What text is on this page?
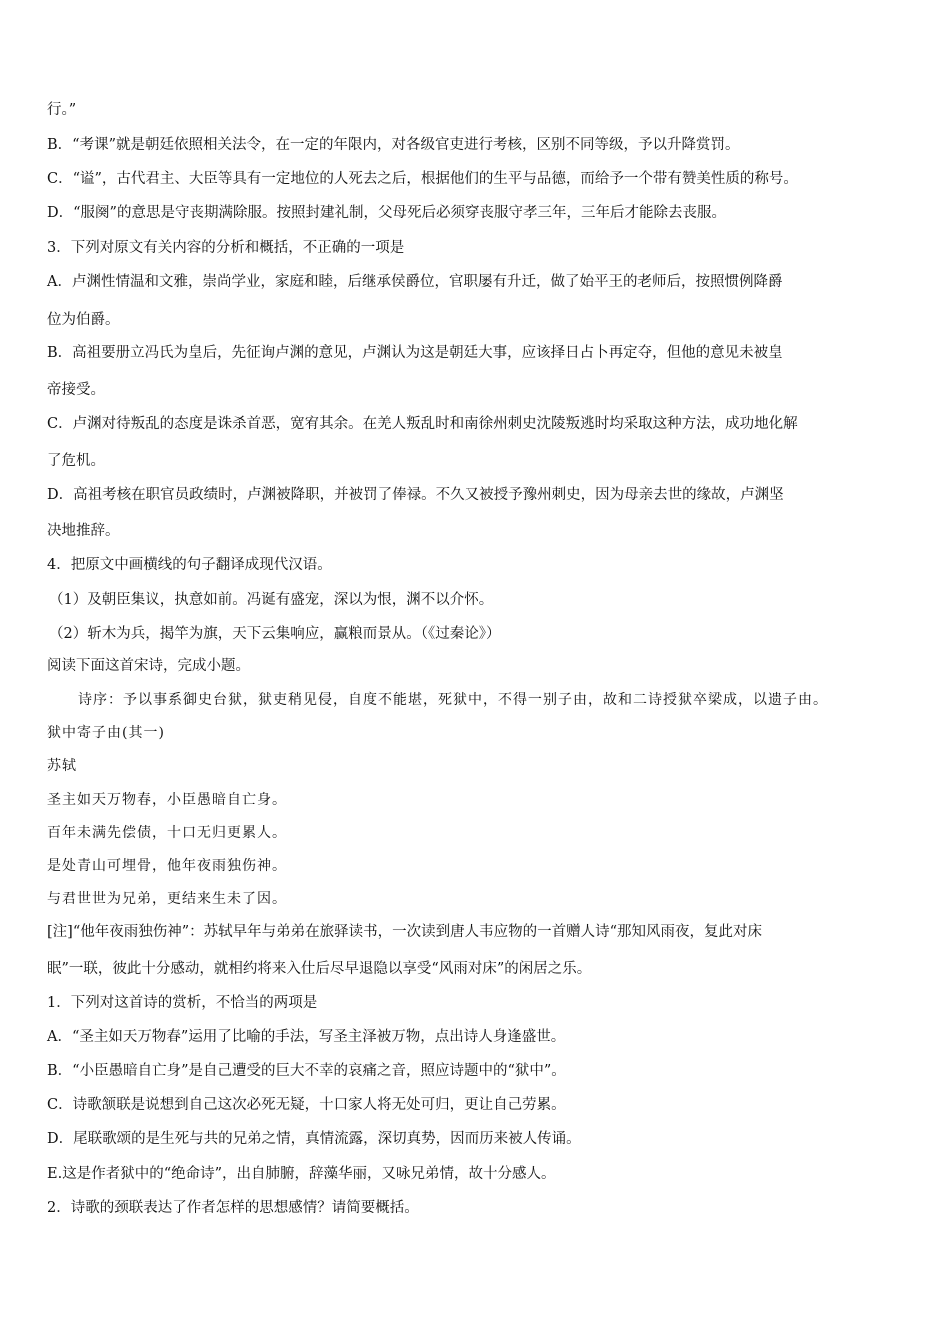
行。”

B．“考课”就是朝廷依照相关法令，在一定的年限内，对各级官吏进行考核，区别不同等级，予以升降赏罚。

C．“谥”，古代君主、大臣等具有一定地位的人死去之后，根据他们的生平与品德，而给予一个带有赞美性质的称号。

D．“服阕”的意思是守丧期满除服。按照封建礼制，父母死后必须穿丧服守孝三年，三年后才能除去丧服。

3．下列对原文有关内容的分析和概括，不正确的一项是

A．卢渊性情温和文雅，崇尚学业，家庭和睦，后继承侯爵位，官职屡有升迁，做了始平王的老师后，按照惯例降爵

位为伯爵。

B．高祖要册立冯氏为皇后，先征询卢渊的意见，卢渊认为这是朝廷大事，应该择日占卜再定夺，但他的意见未被皇

帝接受。

C．卢渊对待叛乱的态度是诛杀首恶，宽宥其余。在羌人叛乱时和南徐州刺史沈陵叛逃时均采取这种方法，成功地化解

了危机。

D．高祖考核在职官员政绩时，卢渊被降职，并被罚了俸禄。不久又被授予豫州刺史，因为母亲去世的缘故，卢渊坚

决地推辞。

4．把原文中画横线的句子翻译成现代汉语。

（1）及朝臣集议，执意如前。冯诞有盛宠，深以为恨，渊不以介怀。

（2）斩木为兵，揭竿为旗，天下云集响应，赢粮而景从。（《过秦论》）

阅读下面这首宋诗，完成小题。

诗序：予以事系御史台狱，狱吏稍见侵，自度不能堪，死狱中，不得一别子由，故和二诗授狱卒梁成，以遗子由。

狱中寄子由(其一)

苏轼

圣主如天万物春，小臣愚暗自亡身。

百年未满先偿债，十口无归更累人。

是处青山可埋骨，他年夜雨独伤神。

与君世世为兄弟，更结来生未了因。

[注]“他年夜雨独伤神”：苏轼早年与弟弟在旅驿读书，一次读到唐人韦应物的一首赠人诗“那知风雨夜，复此对床

眠”一联，彼此十分感动，就相约将来入仕后尽早退隐以享受“风雨对床”的闲居之乐。

1．下列对这首诗的赏析，不恰当的两项是

A．“圣主如天万物春”运用了比喻的手法，写圣主泽被万物，点出诗人身逢盛世。

B．“小臣愚暗自亡身”是自己遭受的巨大不幸的哀痛之音，照应诗题中的“狱中”。

C．诗歌颔联是说想到自己这次必死无疑，十口家人将无处可归，更让自己劳累。

D．尾联歌颂的是生死与共的兄弟之情，真情流露，深切真势，因而历来被人传诵。

E.这是作者狱中的“绝命诗”，出自肺腑，辞藻华丽，又咏兄弟情，故十分感人。

2．诗歌的颈联表达了作者怎样的思想感情？请简要概括。
